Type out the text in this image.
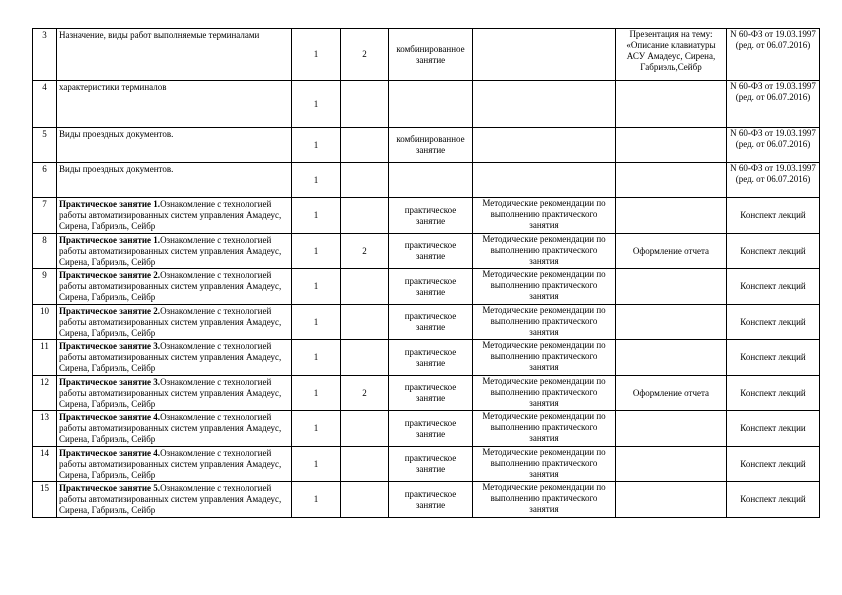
3	Назначение, виды работ выполняемые терминалами	1	2	комбинированное занятие		Презентация на тему: «Описание клавиатуры АСУ Амадеус, Сирена, Габриэль,Сейбр	N 60-ФЗ от 19.03.1997 (ред. от 06.07.2016)
4	характеристики терминалов	1					N 60-ФЗ от 19.03.1997 (ред. от 06.07.2016)
5	Виды проездных документов.	1		комбинированное занятие			N 60-ФЗ от 19.03.1997 (ред. от 06.07.2016)
6	Виды проездных документов.	1					N 60-ФЗ от 19.03.1997 (ред. от 06.07.2016)
7	Практическое занятие 1.Ознакомление с технологией работы автоматизированных систем управления Амадеус, Сирена, Габриэль, Сейбр	1		практическое занятие	Методические рекомендации по выполнению практического занятия		Конспект лекций
8	Практическое занятие 1.Ознакомление с технологией работы автоматизированных систем управления Амадеус, Сирена, Габриэль, Сейбр	1	2	практическое занятие	Методические рекомендации по выполнению практического занятия	Оформление отчета	Конспект лекций
9	Практическое занятие 2.Ознакомление с технологией работы автоматизированных систем управления Амадеус, Сирена, Габриэль, Сейбр	1		практическое занятие	Методические рекомендации по выполнению практического занятия		Конспект лекций
10	Практическое занятие 2.Ознакомление с технологией работы автоматизированных систем управления Амадеус, Сирена, Габриэль, Сейбр	1		практическое занятие	Методические рекомендации по выполнению практического занятия		Конспект лекций
11	Практическое занятие 3.Ознакомление с технологией работы автоматизированных систем управления Амадеус, Сирена, Габриэль, Сейбр	1		практическое занятие	Методические рекомендации по выполнению практического занятия		Конспект лекций
12	Практическое занятие 3.Ознакомление с технологией работы автоматизированных систем управления Амадеус, Сирена, Габриэль, Сейбр	1	2	практическое занятие	Методические рекомендации по выполнению практического занятия	Оформление отчета	Конспект лекций
13	Практическое занятие 4.Ознакомление с технологией работы автоматизированных систем управления Амадеус, Сирена, Габриэль, Сейбр	1		практическое занятие	Методические рекомендации по выполнению практического занятия		Конспект лекции
14	Практическое занятие 4.Ознакомление с технологией работы автоматизированных систем управления Амадеус, Сирена, Габриэль, Сейбр	1		практическое занятие	Методические рекомендации по выполнению практического занятия		Конспект лекций
15	Практическое занятие 5.Ознакомление с технологией работы автоматизированных систем управления Амадеус, Сирена, Габриэль, Сейбр	1		практическое занятие	Методические рекомендации по выполнению практического занятия		Конспект лекций
